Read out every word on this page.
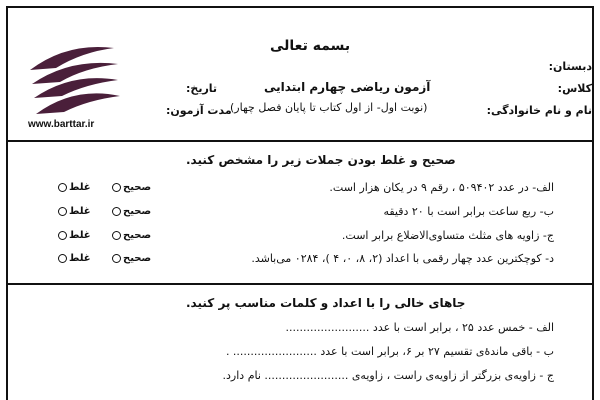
بسمه تعالی
دبستان:
کلاس:
نام و نام خانوادگی:
آزمون ریاضی چهارم ابتدایی
(نوبت اول- از اول کتاب تا پایان فصل چهار)
تاریخ:
مدت آزمون:
www.barttar.ir
صحیح و غلط بودن جملات زیر را مشخص کنید.
الف- در عدد ۵۰۹۴۰۲ ، رقم ۹ در یکان هزار است.
ب- ربع ساعت برابر است با ۲۰ دقیقه
ج- زاویه های مثلث متساوی‌الاضلاع برابر است.
د- کوچکترین عدد چهار رقمی با اعداد (۲، ۸، ۰، ۴ )، ۰۲۸۴ می‌باشد.
صحیح
غلط
صحیح
غلط
صحیح
غلط
صحیح
غلط
جاهای خالی را با اعداد و کلمات مناسب پر کنید.
الف - خمس عدد ۲۵ ، برابر است با عدد ........................
ب - باقی ماندۀی تقسیم ۲۷ بر ۶، برابر است با عدد ........................ .
ج - زاویه‌ی بزرگتر از زاویه‌ی راست ، زاویه‌ی ........................ نام دارد.
